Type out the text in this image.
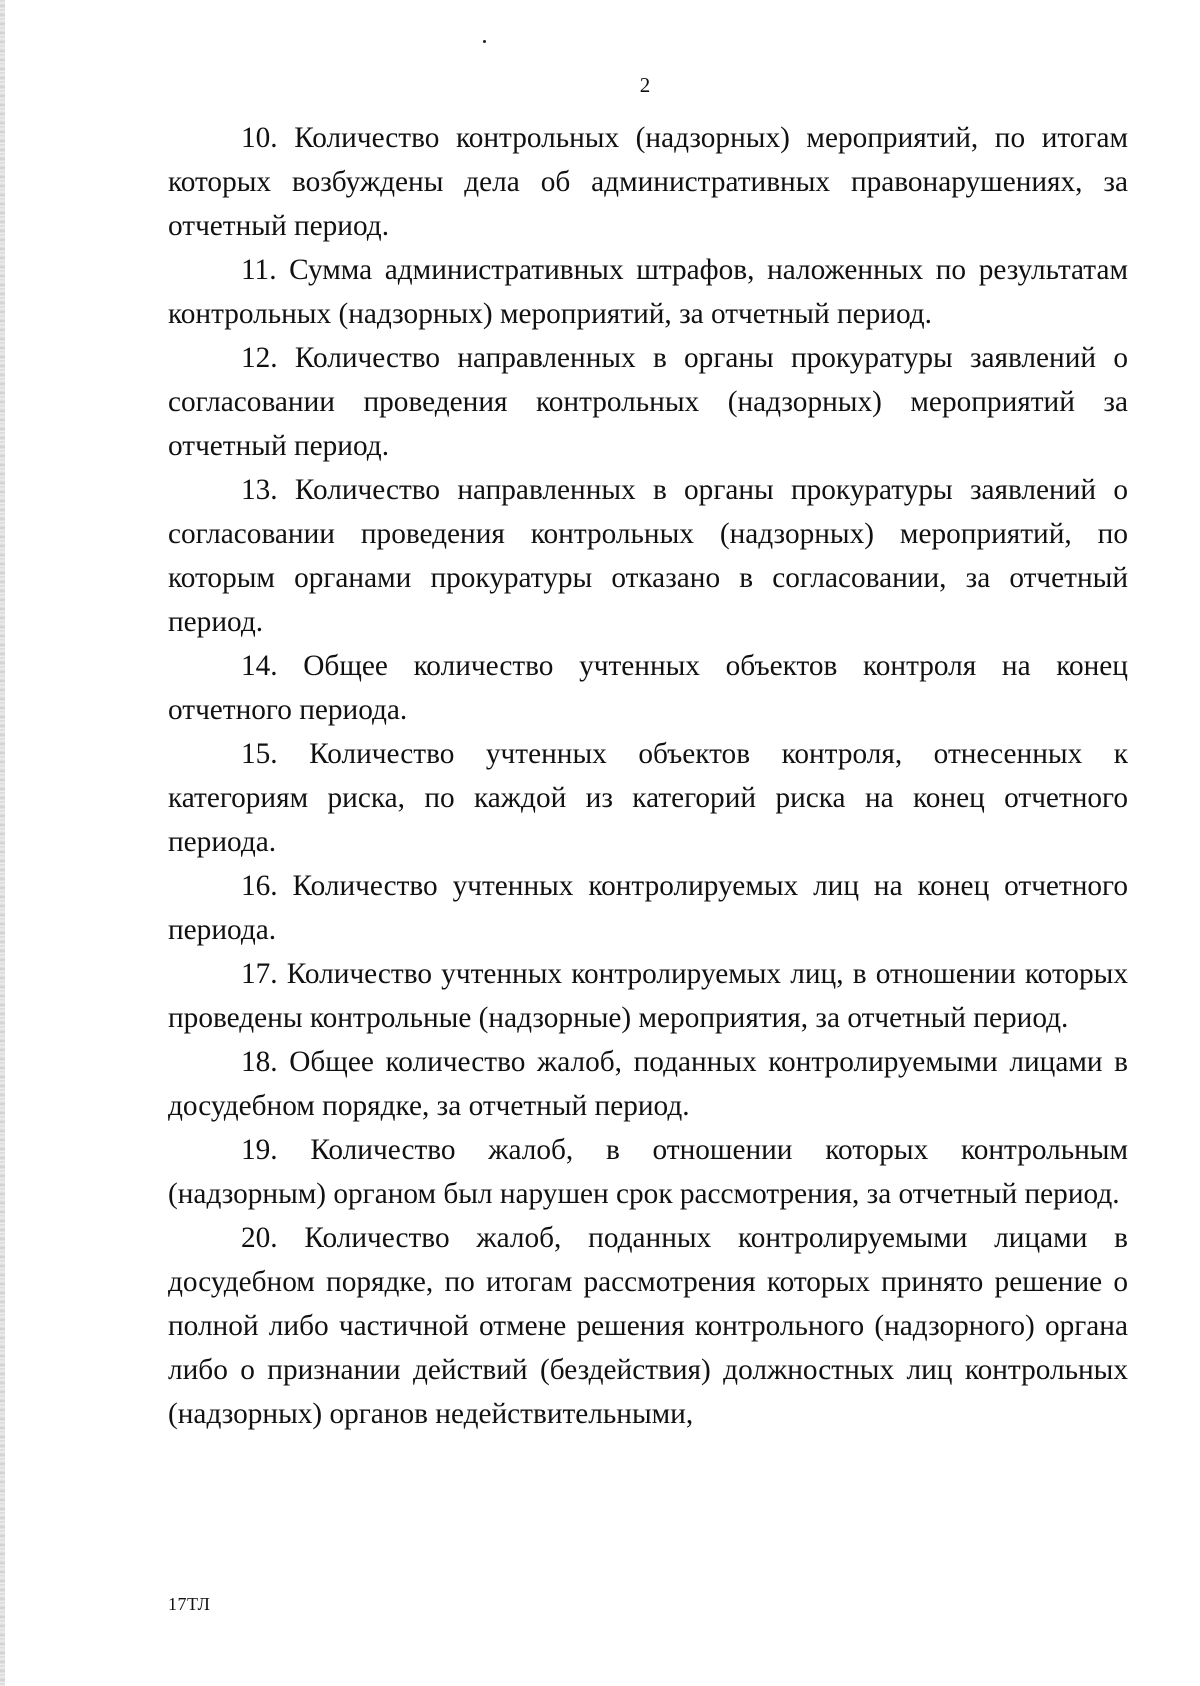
2

10. Количество контрольных (надзорных) мероприятий, по итогам которых возбуждены дела об административных правонарушениях, за отчетный период.

11. Сумма административных штрафов, наложенных по результатам контрольных (надзорных) мероприятий, за отчетный период.

12. Количество направленных в органы прокуратуры заявлений о согласовании проведения контрольных (надзорных) мероприятий за отчетный период.

13. Количество направленных в органы прокуратуры заявлений о согласовании проведения контрольных (надзорных) мероприятий, по которым органами прокуратуры отказано в согласовании, за отчетный период.

14. Общее количество учтенных объектов контроля на конец отчетного периода.

15. Количество учтенных объектов контроля, отнесенных к категориям риска, по каждой из категорий риска на конец отчетного периода.

16. Количество учтенных контролируемых лиц на конец отчетного периода.

17. Количество учтенных контролируемых лиц, в отношении которых проведены контрольные (надзорные) мероприятия, за отчетный период.

18. Общее количество жалоб, поданных контролируемыми лицами в досудебном порядке, за отчетный период.

19. Количество жалоб, в отношении которых контрольным (надзорным) органом был нарушен срок рассмотрения, за отчетный период.

20. Количество жалоб, поданных контролируемыми лицами в досудебном порядке, по итогам рассмотрения которых принято решение о полной либо частичной отмене решения контрольного (надзорного) органа либо о признании действий (бездействия) должностных лиц контрольных (надзорных) органов недействительными,

17ТЛ
